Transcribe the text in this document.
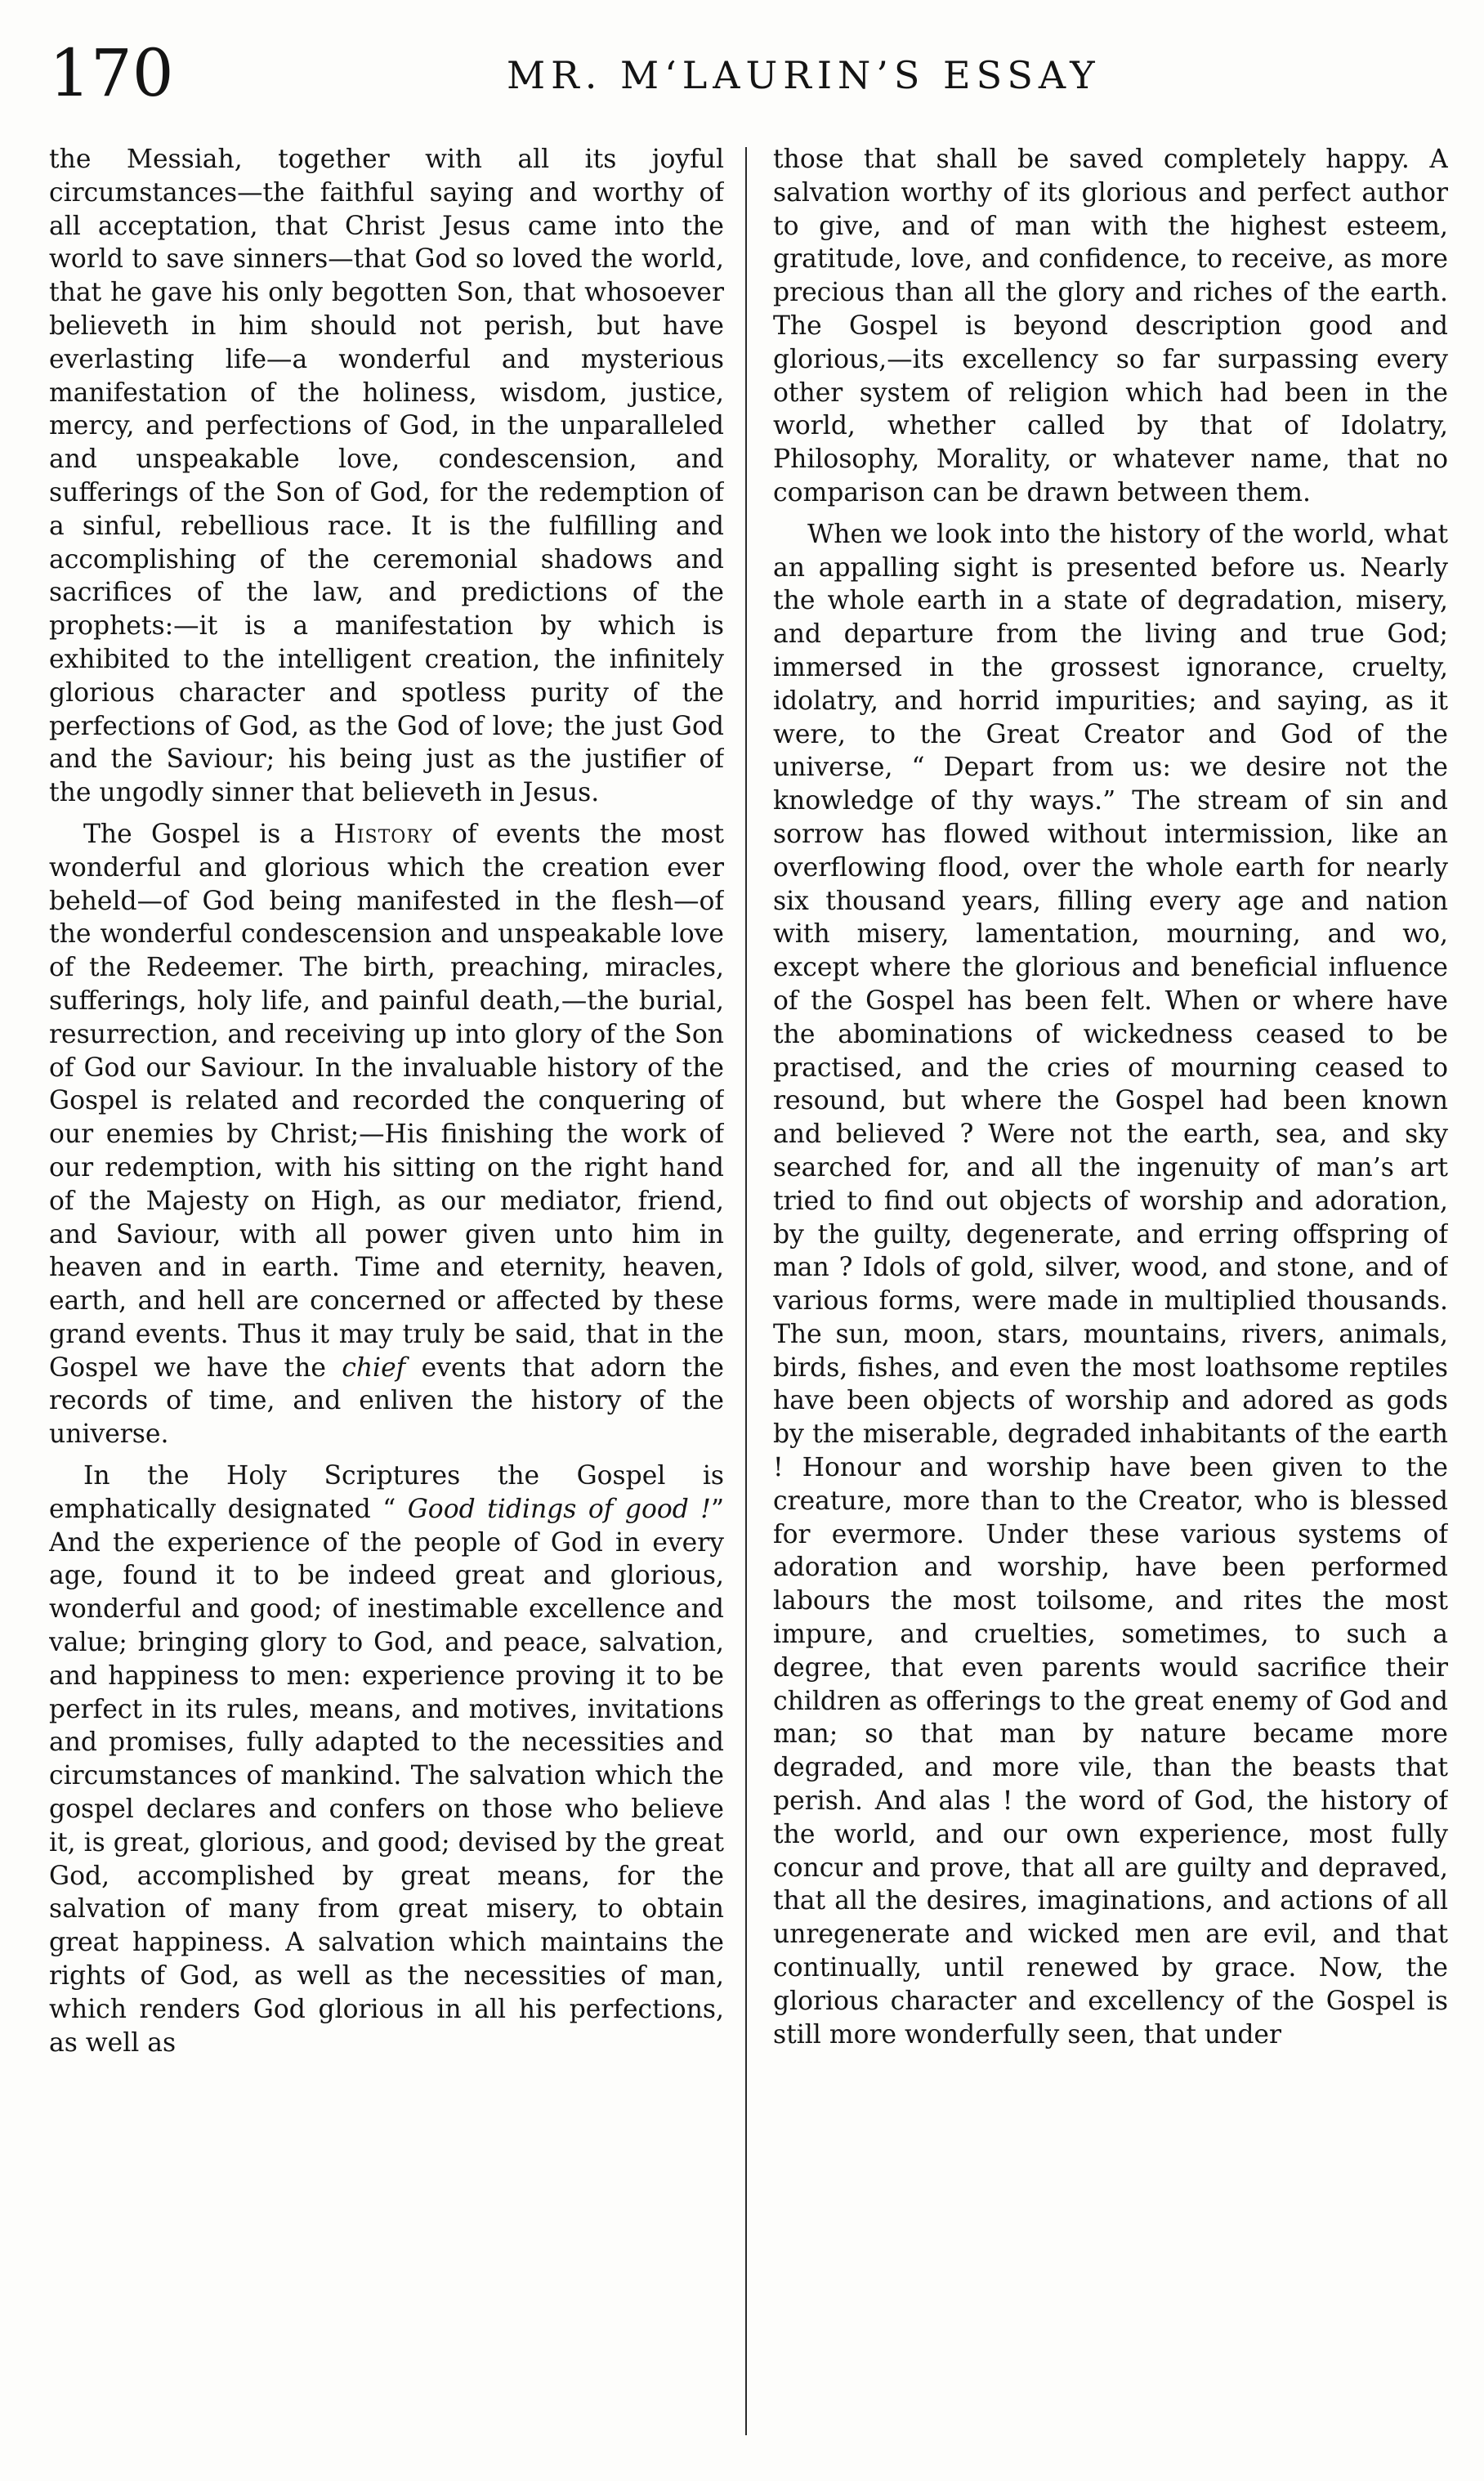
170	MR. M‘LAURIN’S ESSAY

the Messiah, together with all its joyful circumstances—the faithful saying and worthy of all acceptation, that Christ Jesus came into the world to save sinners—that God so loved the world, that he gave his only begotten Son, that whosoever believeth in him should not perish, but have everlasting life—a wonderful and mysterious manifestation of the holiness, wisdom, justice, mercy, and perfections of God, in the unparalleled and unspeakable love, condescension, and sufferings of the Son of God, for the redemption of a sinful, rebellious race. It is the fulfilling and accomplishing of the ceremonial shadows and sacrifices of the law, and predictions of the prophets:—it is a manifestation by which is exhibited to the intelligent creation, the infinitely glorious character and spotless purity of the perfections of God, as the God of love; the just God and the Saviour; his being just as the justifier of the ungodly sinner that believeth in Jesus.

The Gospel is a History of events the most wonderful and glorious which the creation ever beheld—of God being manifested in the flesh—of the wonderful condescension and unspeakable love of the Redeemer. The birth, preaching, miracles, sufferings, holy life, and painful death,—the burial, resurrection, and receiving up into glory of the Son of God our Saviour. In the invaluable history of the Gospel is related and recorded the conquering of our enemies by Christ;—His finishing the work of our redemption, with his sitting on the right hand of the Majesty on High, as our mediator, friend, and Saviour, with all power given unto him in heaven and in earth. Time and eternity, heaven, earth, and hell are concerned or affected by these grand events. Thus it may truly be said, that in the Gospel we have the chief events that adorn the records of time, and enliven the history of the universe.

In the Holy Scriptures the Gospel is emphatically designated “ Good tidings of good !” And the experience of the people of God in every age, found it to be indeed great and glorious, wonderful and good; of inestimable excellence and value; bringing glory to God, and peace, salvation, and happiness to men: experience proving it to be perfect in its rules, means, and motives, invitations and promises, fully adapted to the necessities and circumstances of mankind. The salvation which the gospel declares and confers on those who believe it, is great, glorious, and good; devised by the great God, accomplished by great means, for the salvation of many from great misery, to obtain great happiness. A salvation which maintains the rights of God, as well as the necessities of man, which renders God glorious in all his perfections, as well as

those that shall be saved completely happy. A salvation worthy of its glorious and perfect author to give, and of man with the highest esteem, gratitude, love, and confidence, to receive, as more precious than all the glory and riches of the earth. The Gospel is beyond description good and glorious,—its excellency so far surpassing every other system of religion which had been in the world, whether called by that of Idolatry, Philosophy, Morality, or whatever name, that no comparison can be drawn between them.

When we look into the history of the world, what an appalling sight is presented before us. Nearly the whole earth in a state of degradation, misery, and departure from the living and true God; immersed in the grossest ignorance, cruelty, idolatry, and horrid impurities; and saying, as it were, to the Great Creator and God of the universe, “ Depart from us: we desire not the knowledge of thy ways.” The stream of sin and sorrow has flowed without intermission, like an overflowing flood, over the whole earth for nearly six thousand years, filling every age and nation with misery, lamentation, mourning, and wo, except where the glorious and beneficial influence of the Gospel has been felt. When or where have the abominations of wickedness ceased to be practised, and the cries of mourning ceased to resound, but where the Gospel had been known and believed ? Were not the earth, sea, and sky searched for, and all the ingenuity of man’s art tried to find out objects of worship and adoration, by the guilty, degenerate, and erring offspring of man ? Idols of gold, silver, wood, and stone, and of various forms, were made in multiplied thousands. The sun, moon, stars, mountains, rivers, animals, birds, fishes, and even the most loathsome reptiles have been objects of worship and adored as gods by the miserable, degraded inhabitants of the earth ! Honour and worship have been given to the creature, more than to the Creator, who is blessed for evermore. Under these various systems of adoration and worship, have been performed labours the most toilsome, and rites the most impure, and cruelties, sometimes, to such a degree, that even parents would sacrifice their children as offerings to the great enemy of God and man; so that man by nature became more degraded, and more vile, than the beasts that perish. And alas ! the word of God, the history of the world, and our own experience, most fully concur and prove, that all are guilty and depraved, that all the desires, imaginations, and actions of all unregenerate and wicked men are evil, and that continually, until renewed by grace. Now, the glorious character and excellency of the Gospel is still more wonderfully seen, that under
